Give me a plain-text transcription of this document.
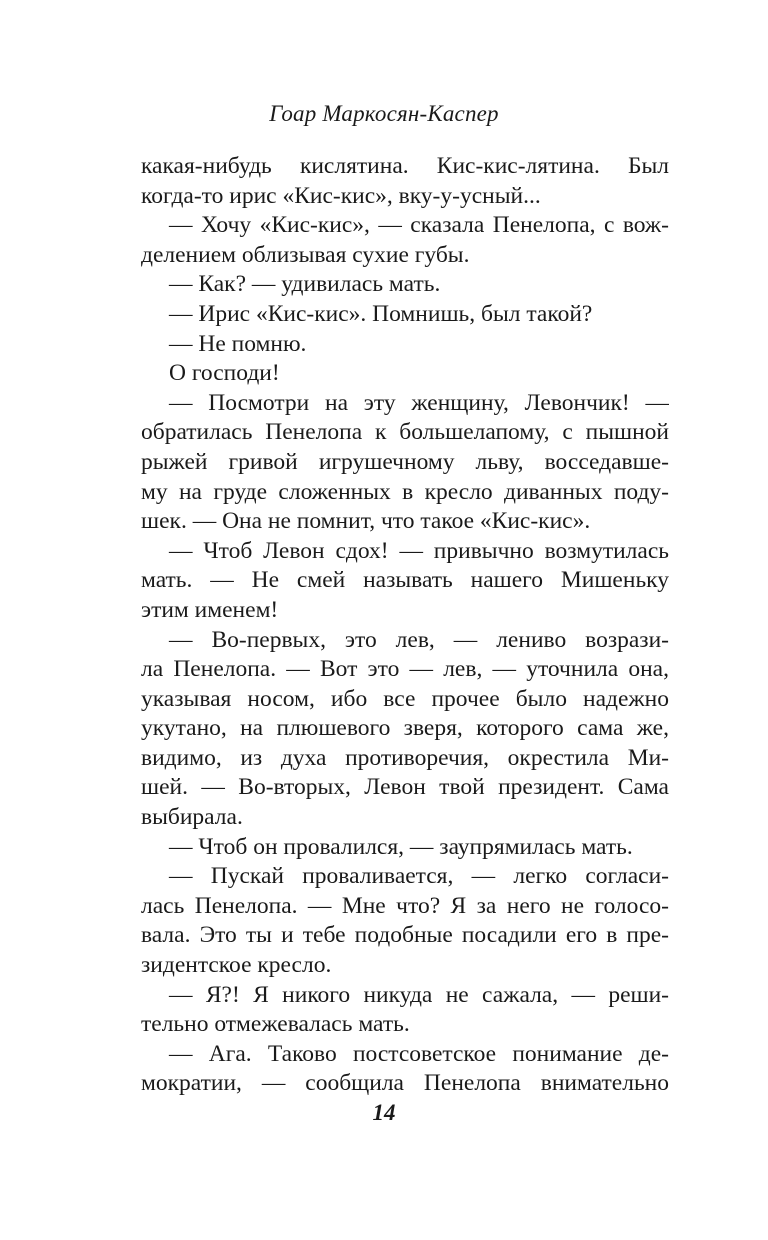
Гоар Маркосян-Каспер
какая-нибудь кислятина. Кис-кис-лятина. Был
когда-то ирис «Кис-кис», вку-у-усный...
— Хочу «Кис-кис», — сказала Пенелопа, с вож-
делением облизывая сухие губы.
— Как? — удивилась мать.
— Ирис «Кис-кис». Помнишь, был такой?
— Не помню.
О господи!
— Посмотри на эту женщину, Левончик! —
обратилась Пенелопа к большелапому, с пышной
рыжей гривой игрушечному льву, восседавше-
му на груде сложенных в кресло диванных поду-
шек. — Она не помнит, что такое «Кис-кис».
— Чтоб Левон сдох! — привычно возмутилась
мать. — Не смей называть нашего Мишеньку
этим именем!
— Во-первых, это лев, — лениво возрази-
ла Пенелопа. — Вот это — лев, — уточнила она,
указывая носом, ибо все прочее было надежно
укутано, на плюшевого зверя, которого сама же,
видимо, из духа противоречия, окрестила Ми-
шей. — Во-вторых, Левон твой президент. Сама
выбирала.
— Чтоб он провалился, — заупрямилась мать.
— Пускай проваливается, — легко согласи-
лась Пенелопа. — Мне что? Я за него не голосо-
вала. Это ты и тебе подобные посадили его в пре-
зидентское кресло.
— Я?! Я никого никуда не сажала, — реши-
тельно отмежевалась мать.
— Ага. Таково постсоветское понимание де-
мократии, — сообщила Пенелопа внимательно
14
